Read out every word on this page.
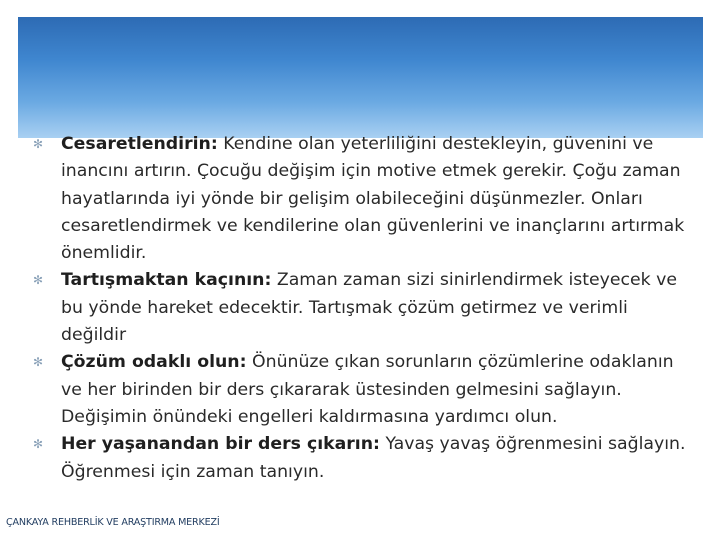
✻ Cesaretlendirin: Kendine olan yeterliliğini destekleyin, güvenini ve inancını artırın. Çocuğu değişim için motive etmek gerekir. Çoğu zaman hayatlarında iyi yönde bir gelişim olabileceğini düşünmezler. Onları cesaretlendirmek ve kendilerine olan güvenlerini ve inançlarını artırmak önemlidir.
✻ Tartışmaktan kaçının: Zaman zaman sizi sinirlendirmek isteyecek ve bu yönde hareket edecektir. Tartışmak çözüm getirmez ve verimli değildir
✻ Çözüm odaklı olun: Önünüze çıkan sorunların çözümlerine odaklanın ve her birinden bir ders çıkararak üstesinden gelmesini sağlayın. Değişimin önündeki engelleri kaldırmasına yardımcı olun.
✻ Her yaşanandan bir ders çıkarın: Yavaş yavaş öğrenmesini sağlayın. Öğrenmesi için zaman tanıyın.
ÇANKAYA REHBERLİK VE ARAŞTIRMA MERKEZİ
